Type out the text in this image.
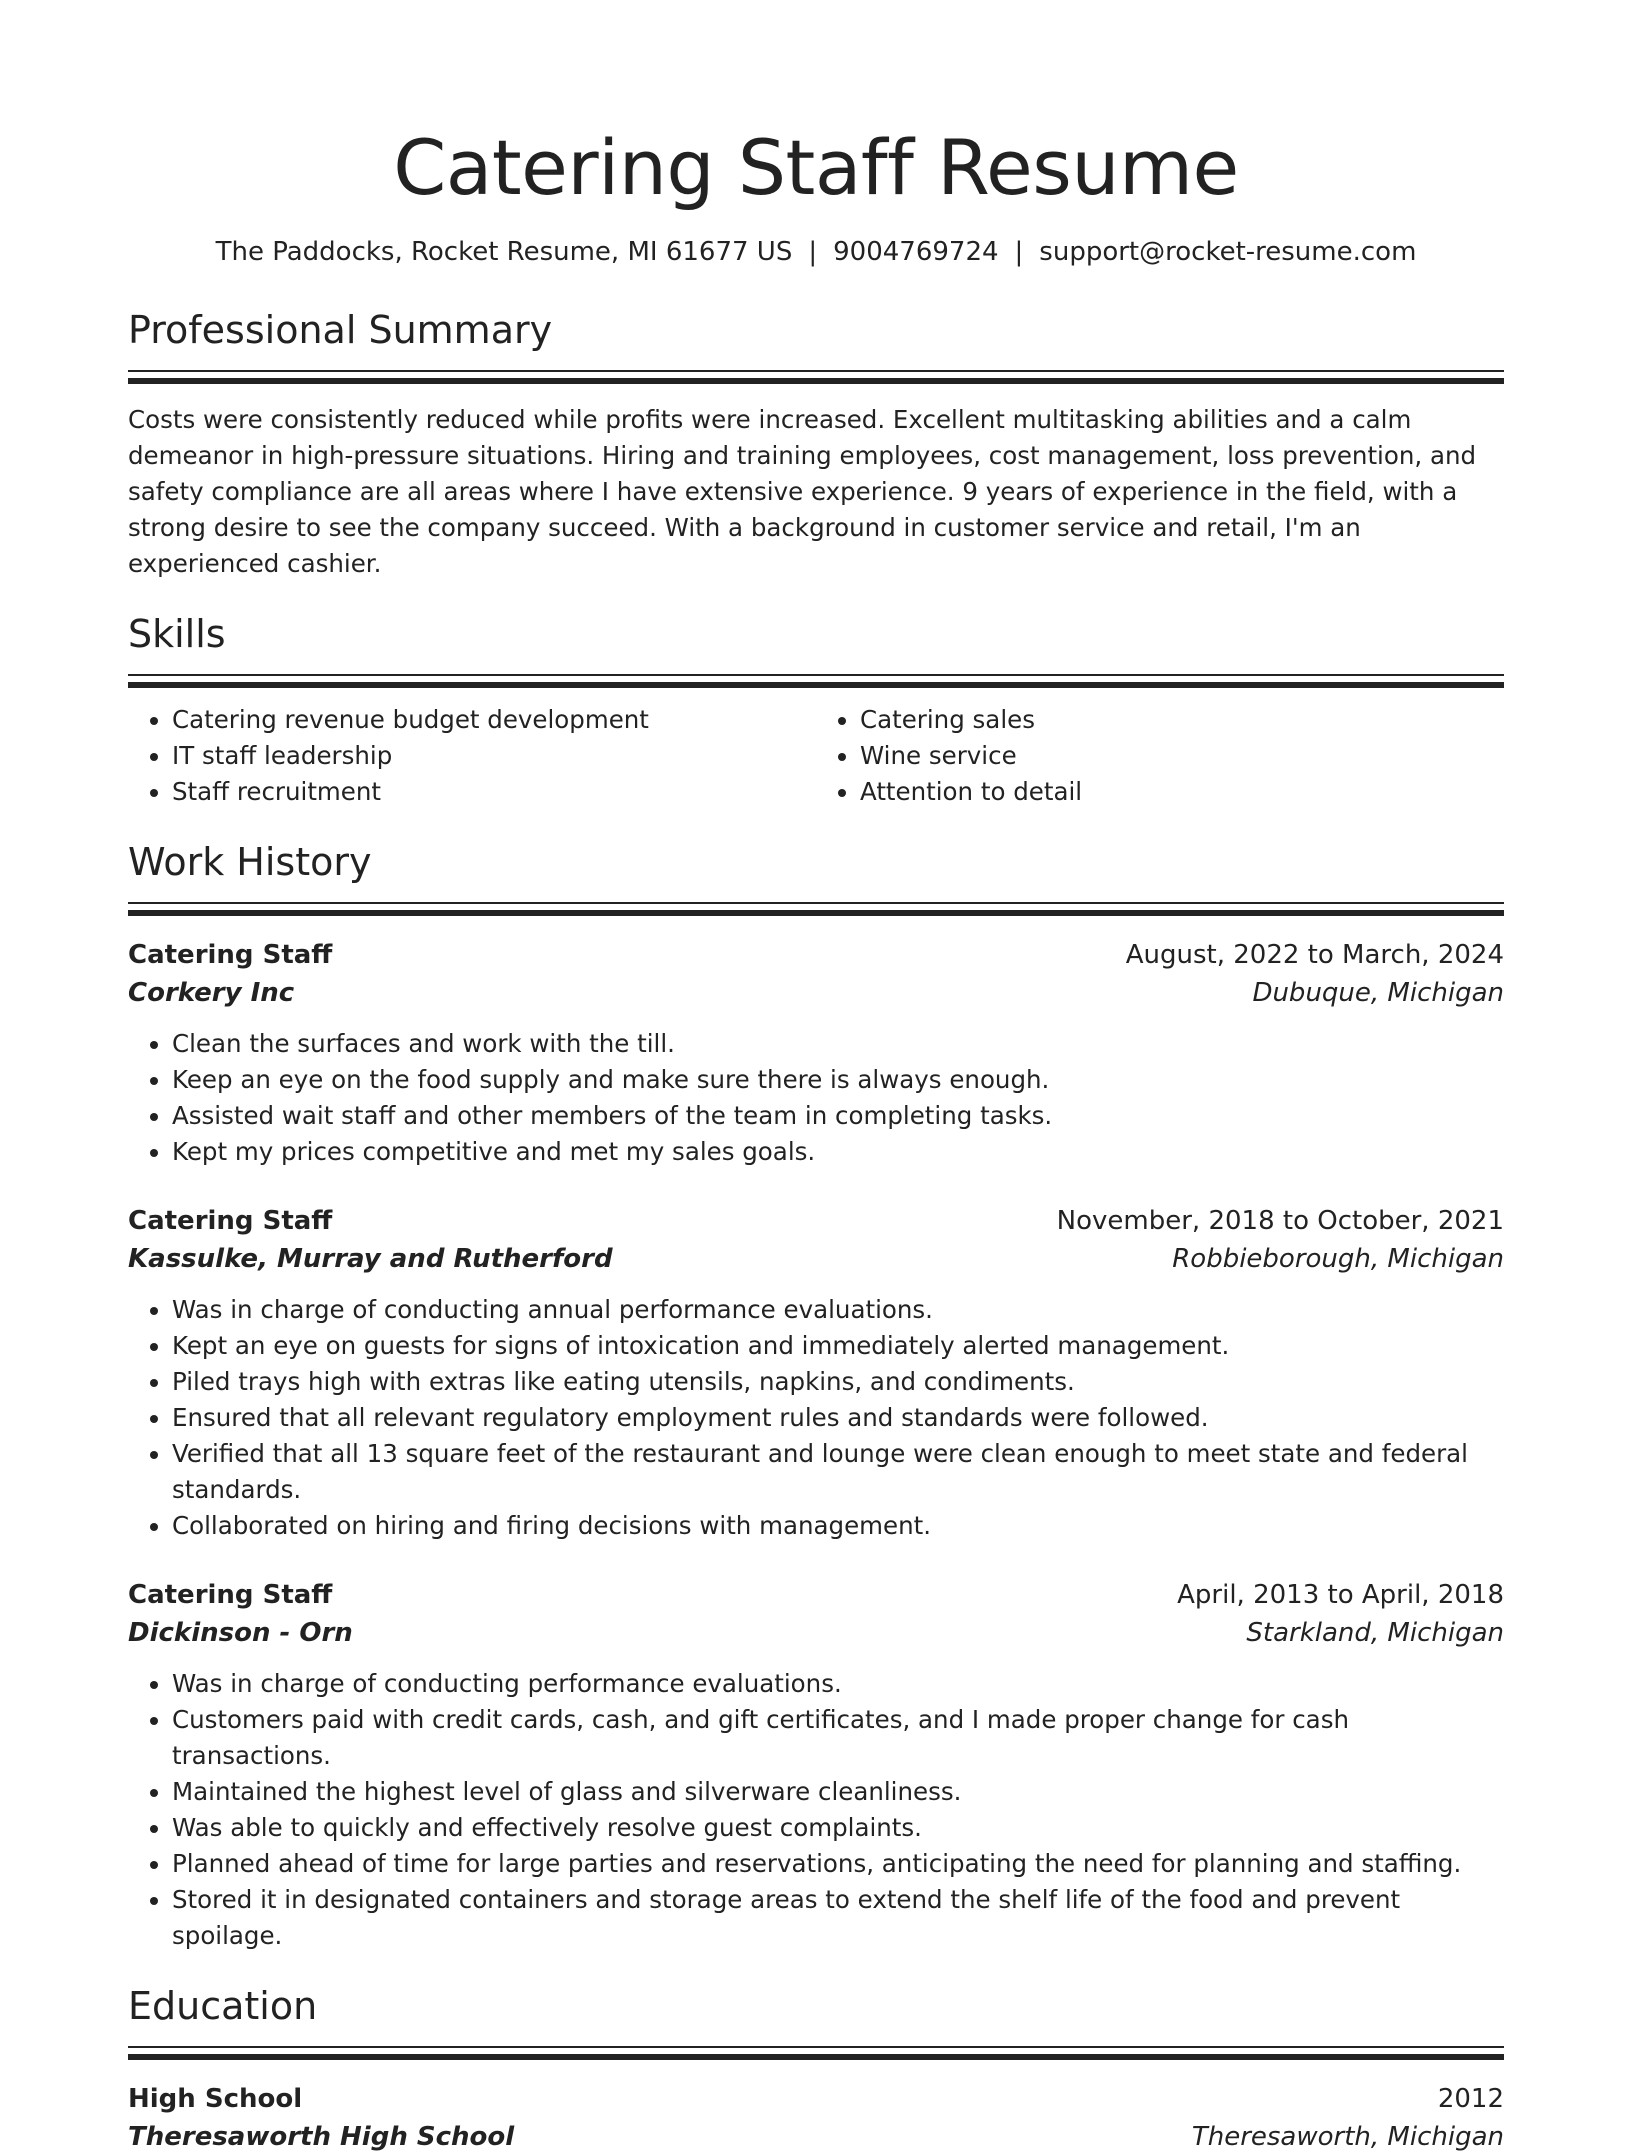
Catering Staff Resume
The Paddocks, Rocket Resume, MI 61677 US | 9004769724 | support@rocket-resume.com
Professional Summary
Costs were consistently reduced while profits were increased. Excellent multitasking abilities and a calm demeanor in high-pressure situations. Hiring and training employees, cost management, loss prevention, and safety compliance are all areas where I have extensive experience. 9 years of experience in the field, with a strong desire to see the company succeed. With a background in customer service and retail, I'm an experienced cashier.
Skills
• Catering revenue budget development
• IT staff leadership
• Staff recruitment
• Catering sales
• Wine service
• Attention to detail
Work History
Catering Staff	August, 2022 to March, 2024
Corkery Inc	Dubuque, Michigan
• Clean the surfaces and work with the till.
• Keep an eye on the food supply and make sure there is always enough.
• Assisted wait staff and other members of the team in completing tasks.
• Kept my prices competitive and met my sales goals.
Catering Staff	November, 2018 to October, 2021
Kassulke, Murray and Rutherford	Robbieborough, Michigan
• Was in charge of conducting annual performance evaluations.
• Kept an eye on guests for signs of intoxication and immediately alerted management.
• Piled trays high with extras like eating utensils, napkins, and condiments.
• Ensured that all relevant regulatory employment rules and standards were followed.
• Verified that all 13 square feet of the restaurant and lounge were clean enough to meet state and federal standards.
• Collaborated on hiring and firing decisions with management.
Catering Staff	April, 2013 to April, 2018
Dickinson - Orn	Starkland, Michigan
• Was in charge of conducting performance evaluations.
• Customers paid with credit cards, cash, and gift certificates, and I made proper change for cash transactions.
• Maintained the highest level of glass and silverware cleanliness.
• Was able to quickly and effectively resolve guest complaints.
• Planned ahead of time for large parties and reservations, anticipating the need for planning and staffing.
• Stored it in designated containers and storage areas to extend the shelf life of the food and prevent spoilage.
Education
High School	2012
Theresaworth High School	Theresaworth, Michigan
